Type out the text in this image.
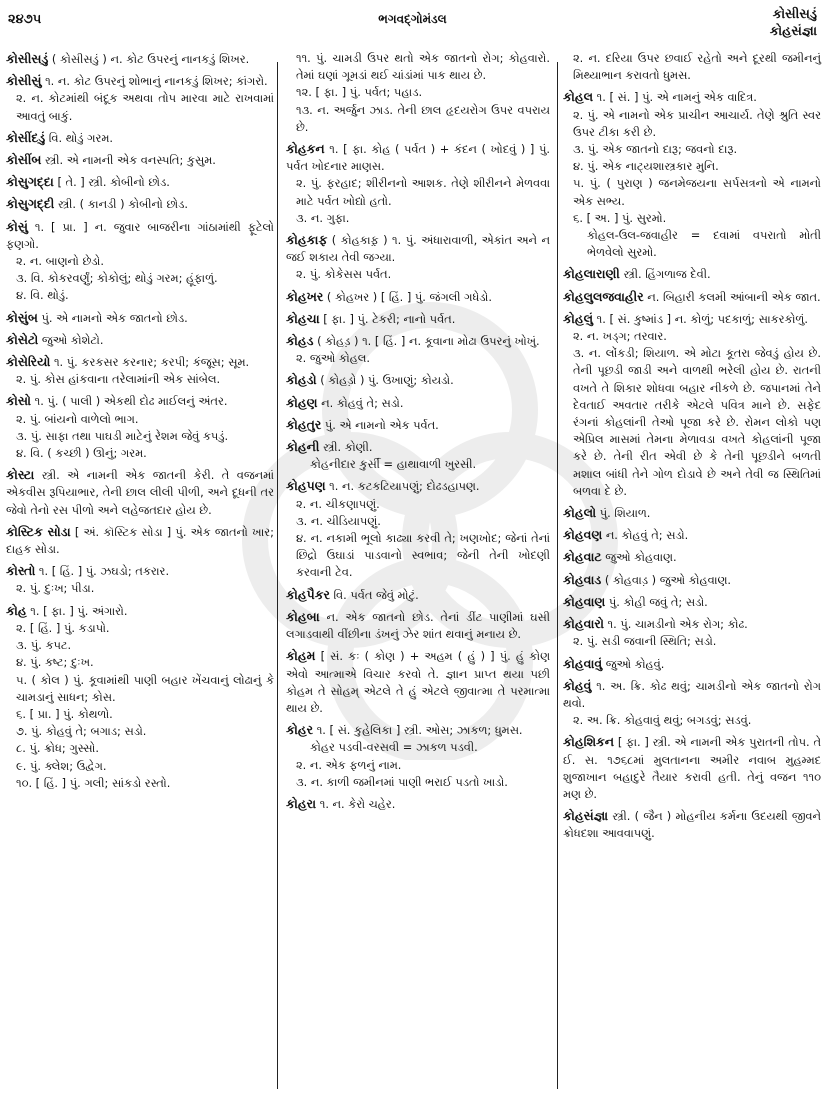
૨૪૭૫	ભગવદ્ગોમંડલ	કોસીસડું
કોહસંજ્ઞા
કોસીસડું ( કોસીસડું ) ન. કોટ ઉપરનું નાનકડું શિખર.
કોસીસું ૧. ન. કોટ ઉપરનું શોભાનું નાનકડું શિખર; કાંગરો.
૨. ન. કોટમાંથી બંદૂક અથવા તોપ મારવા માટે રાખવામાં આવતું બાકું.
કોસીંદડું વિ. થોડું ગરમ.
કોસીંબ સ્ત્રી. એ નામની એક વનસ્પતિ; કુસુમ.
કોસુગદ્દા [ તે. ] સ્ત્રી. કોબીનો છોડ.
કોસુગદ્દી સ્ત્રી. ( કાનડી ) કોબીનો છોડ.
કોસું ૧. [ પ્રા. ] ન. જુવાર બાજરીના ગાંઠામાંથી ફૂટેલો ફણગો.
૨. ન. બાણનો છેડો.
૩. વિ. કોકરવર્ણું; કોકોલું; થોડું ગરમ; હૂંફાળું.
૪. વિ. થોડું.
કોસુંબ પું. એ નામનો એક જાતનો છોડ.
કોસેટો જુઓ કોશેટો.
કોસેરિયો ૧. પું. કરકસર કરનાર; કરપી; કંજૂસ; સૂમ.
૨. પું. કોસ હાંકવાના તરેલામાંની એક સાંબેલ.
કોસો ૧. પું. ( પાલી ) એકથી દોઢ માઈલનું અંતર.
૨. પું. બાંયનો વાળેલો ભાગ.
૩. પું. સાફા તથા પાઘડી માટેનું રેશમ જેવું કપડું.
૪. વિ. ( કચ્છી ) ઊનું; ગરમ.
કોસ્ટા સ્ત્રી. એ નામની એક જાતની કેરી. તે વજનમાં એકવીસ રૂપિયાભાર, તેની છાલ લીલી પીળી, અને દૂધની તર જેવો તેનો રસ પીળો અને લહેજતદાર હોય છે.
કોસ્ટિક સોડા [ અં. કૉસ્ટિક સોડા ] પું. એક જાતનો ખાર; દાહક સોડા.
કોસ્તો ૧. [ હિં. ] પું. ઝઘડો; તકરાર.
૨. પું. દુઃખ; પીડા.
કોહ ૧. [ ફા. ] પું. અંગારો.
૨. [ હિં. ] પું. કડાપો.
૩. પું. કપટ.
૪. પું. કષ્ટ; દુઃખ.
૫. ( કોલ ) પું. કૂવામાંથી પાણી બહાર ખેંચવાનું લોઢાનું કે ચામડાનું સાધન; કોસ.
૬. [ પ્રા. ] પું. કોથળો.
૭. પું. કોહવું તે; બગાડ; સડો.
૮. પું. ક્રોધ; ગુસ્સો.
૯. પું. ક્લેશ; ઉદ્વેગ.
૧૦. [ હિં. ] પું. ગલી; સાંકડો રસ્તો.
૧૧. પું. ચામડી ઉપર થતો એક જાતનો રોગ; કોહવારો. તેમાં ઘણાં ગૂમડાં થઈ ચાંડાંમાં પાક થાય છે.
૧૨. [ ફા. ] પું. પર્વત; પહાડ.
૧૩. ન. અર્જુન ઝાડ. તેની છાલ હૃદયરોગ ઉપર વપરાય છે.
કોહકન ૧. [ ફા. કોહ ( પર્વત ) + કંદન ( ખોદવું ) ] પું. પર્વત ખોદનાર માણસ.
૨. પું. ફરહાદ; શીરીનનો આશક. તેણે શીરીનને મેળવવા માટે પર્વત ખોદ્યો હતો.
૩. ન. ગુફા.
કોહકાફ ( કોહકાફ઼ ) ૧. પું. અંધારાવાળી, એકાંત અને ન જઈ શકાય તેવી જગ્યા.
૨. પું. કોકેસસ પર્વત.
કોહખર ( કોહખર ) [ હિં. ] પું. જંગલી ગધેડો.
કોહચા [ ફા. ] પું. ટેકરી; નાનો પર્વત.
કોહડ ( કોહડ઼ ) ૧. [ હિં. ] ન. કૂવાના મોઢા ઉપરનું ખોખું.
૨. જુઓ કોહલ.
કોહડો ( કોહડ઼ો ) પું. ઉખાણું; કોયડો.
કોહણ ન. કોહવું તે; સડો.
કોહતુર પું. એ નામનો એક પર્વત.
કોહની સ્ત્રી. કોણી.
કોહનીદાર કુર્સી = હાથાવાળી ખુરસી.
કોહપણ ૧. ન. કટકટિયાપણું; દોઢડહાપણ.
૨. ન. ચીકણાપણું.
૩. ન. ચીડિયાપણું.
૪. ન. નકામી ભૂલો કાઢ્યા કરવી તે; ખણખોદ; જેનાં તેનાં છિદ્રો ઉઘાડાં પાડવાનો સ્વભાવ; જેની તેની ખોદણી કરવાની ટેવ.
કોહપૈકર વિ. પર્વત જેવું મોટું.
કોહબા ન. એક જાતનો છોડ. તેનાં ડીંટ પાણીમાં ઘસી લગાડવાથી વીંછીના ડંખનું ઝેર શાંત થવાનું મનાય છે.
કોહમ [ સં. કઃ ( કોણ ) + અહમ ( હું ) ] પું. હું કોણ એવો આત્માએ વિચાર કરવો તે. જ્ઞાન પ્રાપ્ત થયા પછી કોહમ તે સોહમ્ એટલે તે હું એટલે જીવાત્મા તે પરમાત્મા થાય છે.
કોહર ૧. [ સં. કુહેલિકા ] સ્ત્રી. ઓસ; ઝાકળ; ધુમસ.
કોહર પડવી-વરસવી = ઝાકળ પડવી.
૨. ન. એક ફળનું નામ.
૩. ન. કાળી જમીનમાં પાણી ભરાઈ પડતો ખાડો.
કોહરા ૧. ન. કેરો ચહેર.
૨. ન. દરિયા ઉપર છવાઈ રહેતો અને દૂરથી જમીનનું મિથ્યાભાન કરાવતો ધુમસ.
કોહલ ૧. [ સં. ] પું. એ નામનું એક વાદિત્ર.
૨. પું. એ નામનો એક પ્રાચીન આચાર્ય. તેણે શ્રુતિ સ્વર ઉપર ટીકા કરી છે.
૩. પું. એક જાતનો દારૂ; જવનો દારૂ.
૪. પું. એક નાટ્યશાસ્ત્રકાર મુનિ.
૫. પું. ( પુરાણ ) જનમેજયના સર્પસત્રનો એ નામનો એક સભ્ય.
૬. [ અ. ] પું. સુરમો.
કોહલ-ઉલ-જવાહીર = દવામાં વપરાતો મોતી ભેળવેલો સુરમો.
કોહલારાણી સ્ત્રી. હિંગળાજ દેવી.
કોહલુલજવાહીર ન. બિહારી કલમી આંબાની એક જાત.
કોહલું ૧. [ સં. કુષ્માંડ ] ન. કોળું; પદકાળું; સાકરકોળું.
૨. ન. ખડ્ગ; તરવાર.
૩. ન. લોંકડી; શિયાળ. એ મોટા કૂતરા જેવડું હોય છે. તેની પૂછડી જાડી અને વાળથી ભરેલી હોય છે. રાતની વખતે તે શિકાર શોધવા બહાર નીકળે છે. જપાનમાં તેને દેવતાઈ અવતાર તરીકે એટલે પવિત્ર માને છે. સફેદ રંગનાં કોહલાંની તેઓ પૂજા કરે છે. રોમન લોકો પણ એપ્રિલ માસમાં તેમના મેળાવડા વખતે કોહલાંની પૂજા કરે છે. તેની રીત એવી છે કે તેની પૂછડીને બળતી મશાલ બાંધી તેને ગોળ દોડાવે છે અને તેવી જ સ્થિતિમાં બળવા દે છે.
કોહલો પું. શિયાળ.
કોહવણ ન. કોહવું તે; સડો.
કોહવાટ જુઓ કોહવાણ.
કોહવાડ ( કોહવાડ઼ ) જુઓ કોહવાણ.
કોહવાણ પું. કોહી જવું તે; સડો.
કોહવારો ૧. પું. ચામડીનો એક રોગ; કોઢ.
૨. પું. સડી જવાની સ્થિતિ; સડો.
કોહવાવું જુઓ કોહવું.
કોહવું ૧. અ. ક્રિ. કોઢ થવું; ચામડીનો એક જાતનો રોગ થવો.
૨. અ. ક્રિ. કોહવાવું થવું; બગડવું; સડવું.
કોહશિકન [ ફા. ] સ્ત્રી. એ નામની એક પુરાતની તોપ. તે ઈ. સ. ૧૭૬૮માં મુલતાનના અમીર નવાબ મુહમ્મદ શુજાખાન બહાદુરે તૈયાર કરાવી હતી. તેનું વજન ૧૧૦ મણ છે.
કોહસંજ્ઞા સ્ત્રી. ( જૈન ) મોહનીય કર્મના ઉદયથી જીવને ક્રોધદશા આવવાપણું.
